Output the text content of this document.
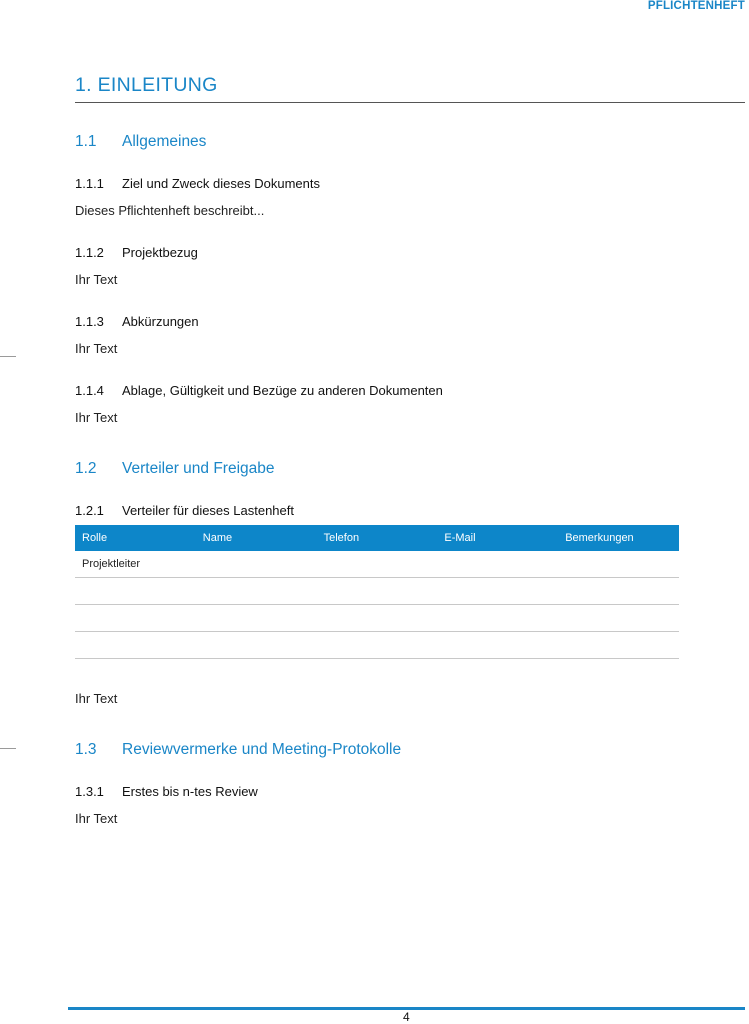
PFLICHTENHEFT
1. EINLEITUNG
1.1 Allgemeines
1.1.1 Ziel und Zweck dieses Dokuments
Dieses Pflichtenheft beschreibt...
1.1.2 Projektbezug
Ihr Text
1.1.3 Abkürzungen
Ihr Text
1.1.4 Ablage, Gültigkeit und Bezüge zu anderen Dokumenten
Ihr Text
1.2 Verteiler und Freigabe
1.2.1 Verteiler für dieses Lastenheft
Rolle	Name	Telefon	E-Mail	Bemerkungen
Projektleiter				

Ihr Text
1.3 Reviewvermerke und Meeting-Protokolle
1.3.1 Erstes bis n-tes Review
Ihr Text
4
